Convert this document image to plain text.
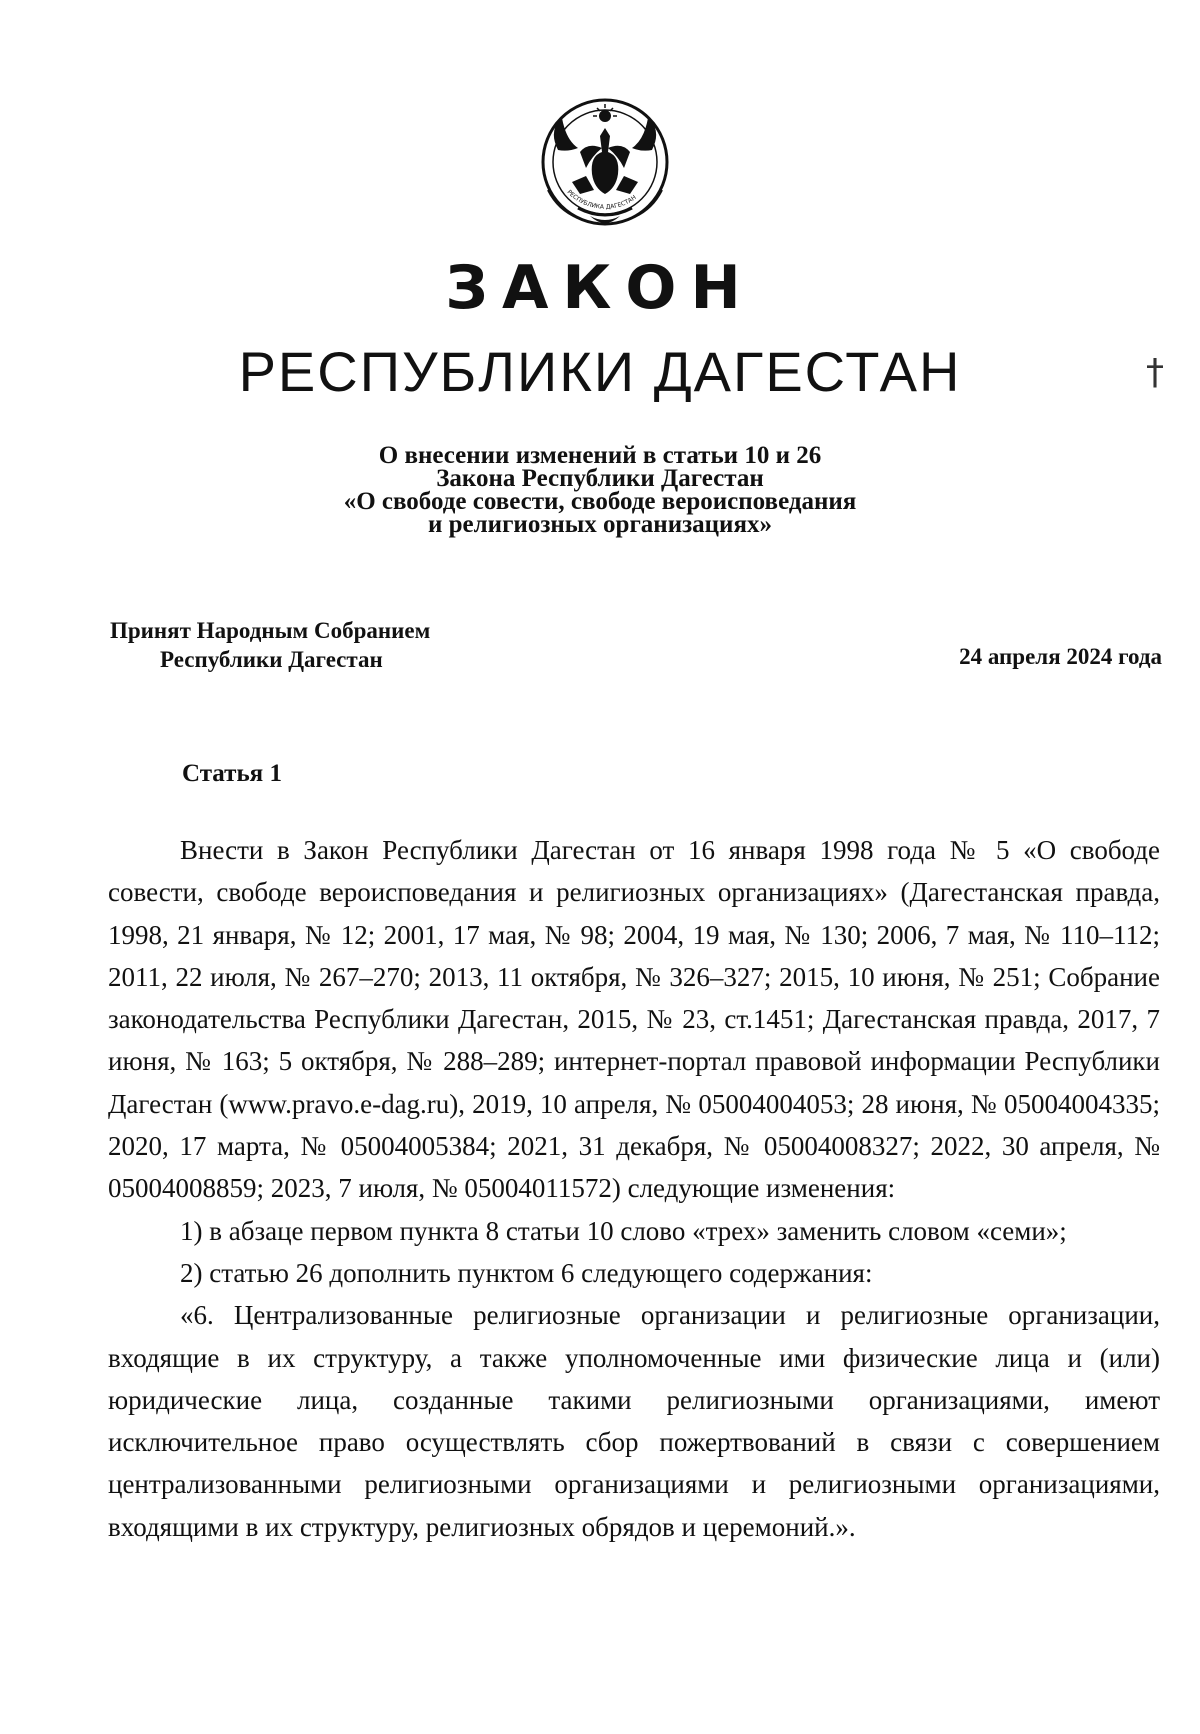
РЕСПУБЛИКА ДАГЕСТАН
ЗАКОН
РЕСПУБЛИКИ ДАГЕСТАН	†
О внесении изменений в статьи 10 и 26
Закона Республики Дагестан
«О свободе совести, свободе вероисповедания
и религиозных организациях»
Принят Народным Собранием
Республики Дагестан	24 апреля 2024 года
Статья 1

Внести в Закон Республики Дагестан от 16 января 1998 года № 5 «О свободе совести, свободе вероисповедания и религиозных организациях» (Дагестанская правда, 1998, 21 января, № 12; 2001, 17 мая, № 98; 2004, 19 мая, № 130; 2006, 7 мая, № 110–112; 2011, 22 июля, № 267–270; 2013, 11 октября, № 326–327; 2015, 10 июня, № 251; Собрание законодательства Республики Дагестан, 2015, № 23, ст.1451; Дагестанская правда, 2017, 7 июня, № 163; 5 октября, № 288–289; интернет-портал правовой информации Республики Дагестан (www.pravo.e-dag.ru), 2019, 10 апреля, № 05004004053; 28 июня, № 05004004335; 2020, 17 марта, № 05004005384; 2021, 31 декабря, № 05004008327; 2022, 30 апреля, № 05004008859; 2023, 7 июля, № 05004011572) следующие изменения:

1) в абзаце первом пункта 8 статьи 10 слово «трех» заменить словом «семи»;

2) статью 26 дополнить пунктом 6 следующего содержания:

«6. Централизованные религиозные организации и религиозные организации, входящие в их структуру, а также уполномоченные ими физические лица и (или) юридические лица, созданные такими религиозными организациями, имеют исключительное право осуществлять сбор пожертвований в связи с совершением централизованными религиозными организациями и религиозными организациями, входящими в их структуру, религиозных обрядов и церемоний.».
